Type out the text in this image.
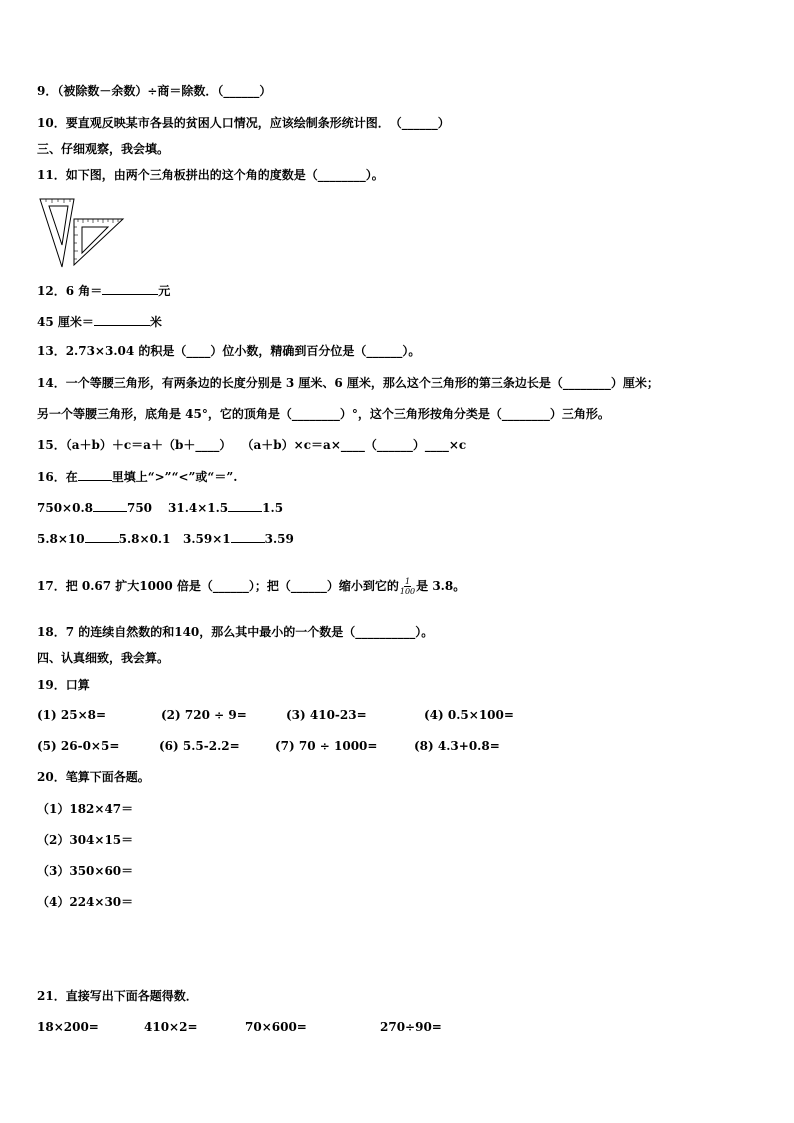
9．（被除数－余数）÷商＝除数．（______）
10．要直观反映某市各县的贫困人口情况，应该绘制条形统计图．　（______）
三、仔细观察，我会填。
11．如下图，由两个三角板拼出的这个角的度数是（________）。
12．6 角＝	元
45 厘米＝	米
13．2.73×3.04 的积是（____）位小数，精确到百分位是（______）。
14．一个等腰三角形，有两条边的长度分别是 3 厘米、6 厘米，那么这个三角形的第三条边长是（________）厘米；
另一个等腰三角形，底角是 45°，它的顶角是（________）°，这个三角形按角分类是（________）三角形。
15．（a＋b）＋c＝a＋（b＋____）　 （a＋b）×c＝a×____（______）____×c
16．在	里填上“>”“<”或“＝”.
750×0.8	750 31.4×1.5	1.5
5.8×10	5.8×0.1 3.59×1	3.59
17．把 0.67 扩大1000 倍是（______）；把（______）缩小到它的 $\frac{1}{100}$ 是 3.8。
18．7 的连续自然数的和140，那么其中最小的一个数是（__________）。
四、认真细致，我会算。
19．口算
(1) 25×8=	(2) 720 ÷ 9=	(3) 410-23=	(4) 0.5×100=
(5) 26-0×5=	(6) 5.5-2.2=	(7) 70 ÷ 1000=	(8) 4.3+0.8=
20．笔算下面各题。
（1）182×47＝
（2）304×15＝
（3）350×60＝
（4）224×30＝
21．直接写出下面各题得数．
18×200=	410×2=	70×600=	270÷90=
